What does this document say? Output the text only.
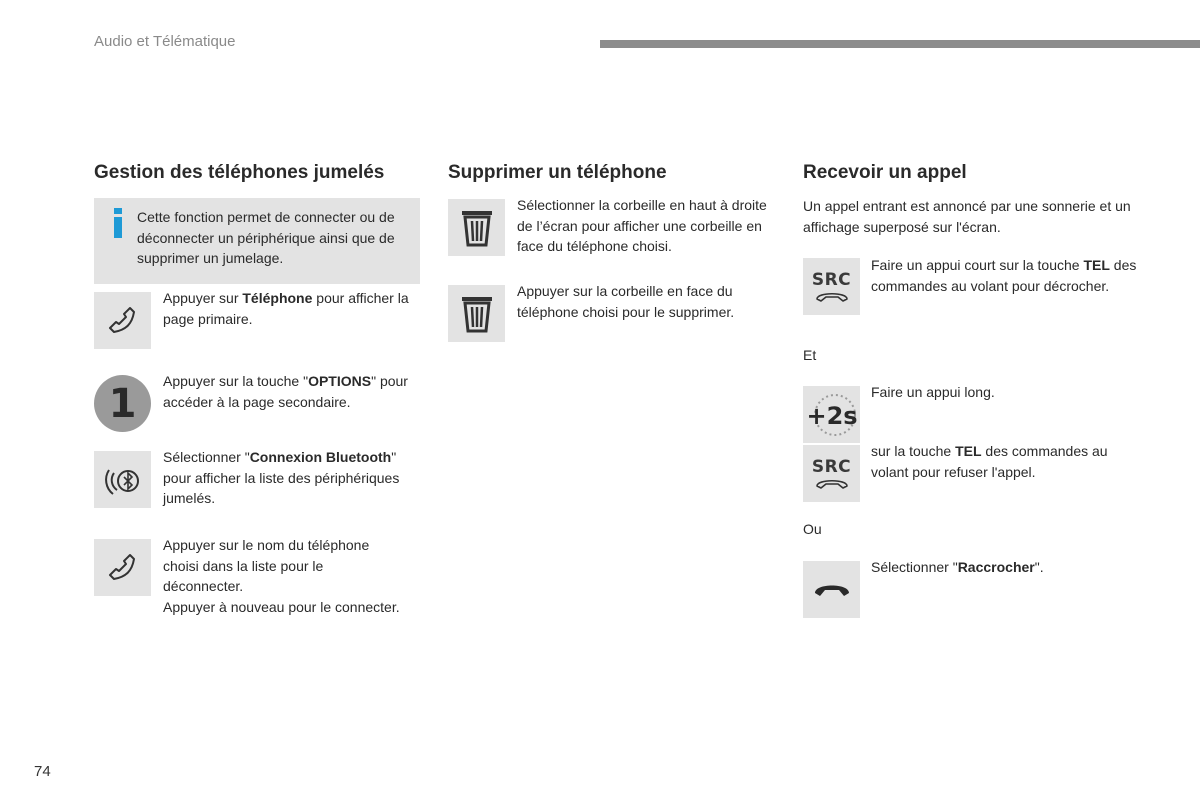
Audio et Télématique
Gestion des téléphones jumelés
Cette fonction permet de connecter ou de déconnecter un périphérique ainsi que de supprimer un jumelage.
Appuyer sur Téléphone pour afficher la page primaire.
1	Appuyer sur la touche "OPTIONS" pour accéder à la page secondaire.
Sélectionner "Connexion Bluetooth" pour afficher la liste des périphériques jumelés.
Appuyer sur le nom du téléphone choisi dans la liste pour le déconnecter.
Appuyer à nouveau pour le connecter.
Supprimer un téléphone
Sélectionner la corbeille en haut à droite de l’écran pour afficher une corbeille en face du téléphone choisi.
Appuyer sur la corbeille en face du téléphone choisi pour le supprimer.
Recevoir un appel
Un appel entrant est annoncé par une sonnerie et un affichage superposé sur l'écran.
SRC
Faire un appui court sur la touche TEL des commandes au volant pour décrocher.
Et
+2s
Faire un appui long.
SRC
sur la touche TEL des commandes au volant pour refuser l'appel.
Ou
Sélectionner "Raccrocher".
74
